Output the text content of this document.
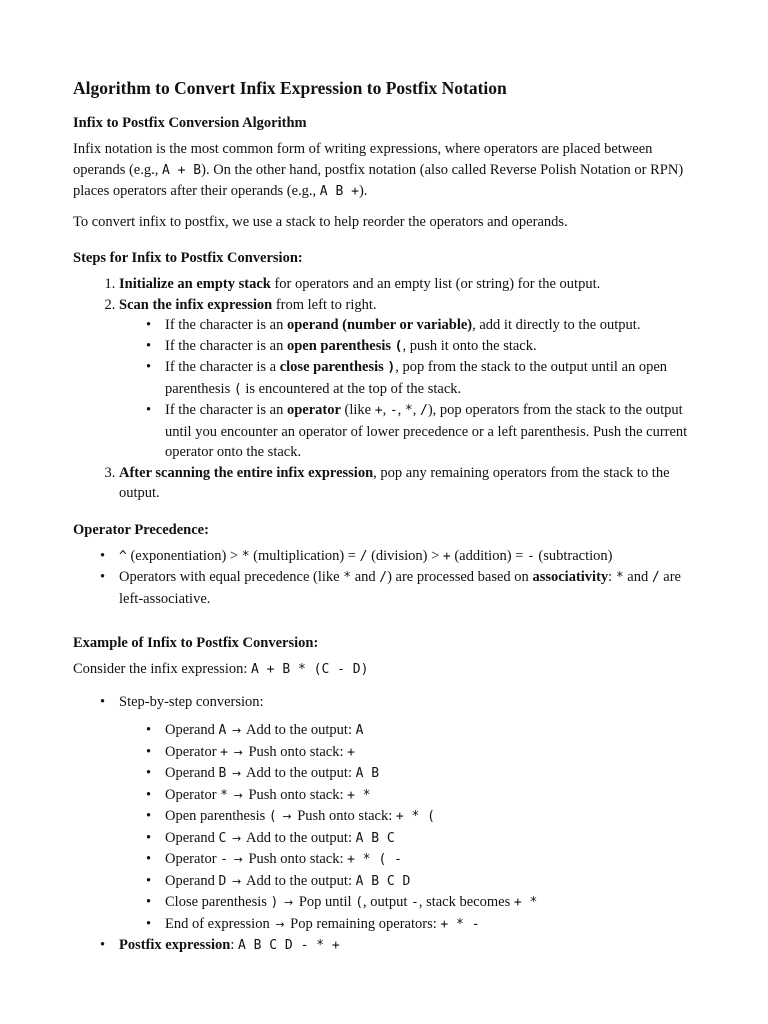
Algorithm to Convert Infix Expression to Postfix Notation
Infix to Postfix Conversion Algorithm

Infix notation is the most common form of writing expressions, where operators are placed between operands (e.g., A + B). On the other hand, postfix notation (also called Reverse Polish Notation or RPN) places operators after their operands (e.g., A B +).

To convert infix to postfix, we use a stack to help reorder the operators and operands.

Steps for Infix to Postfix Conversion:
1. Initialize an empty stack for operators and an empty list (or string) for the output.
2. Scan the infix expression from left to right.
• If the character is an operand (number or variable), add it directly to the output.
• If the character is an open parenthesis (, push it onto the stack.
• If the character is a close parenthesis ), pop from the stack to the output until an open parenthesis ( is encountered at the top of the stack.
• If the character is an operator (like +, -, *, /), pop operators from the stack to the output until you encounter an operator of lower precedence or a left parenthesis. Push the current operator onto the stack.
3. After scanning the entire infix expression, pop any remaining operators from the stack to the output.
Operator Precedence:
• ^ (exponentiation) > * (multiplication) = / (division) > + (addition) = - (subtraction)
• Operators with equal precedence (like * and /) are processed based on associativity: * and / are left-associative.
Example of Infix to Postfix Conversion:

Consider the infix expression: A + B * (C - D)

• Step-by-step conversion:
• Operand A → Add to the output: A
• Operator + → Push onto stack: +
• Operand B → Add to the output: A B
• Operator * → Push onto stack: + *
• Open parenthesis ( → Push onto stack: + * (
• Operand C → Add to the output: A B C
• Operator - → Push onto stack: + * ( -
• Operand D → Add to the output: A B C D
• Close parenthesis ) → Pop until (, output -, stack becomes + *
• End of expression → Pop remaining operators: + * -
• Postfix expression: A B C D - * +
